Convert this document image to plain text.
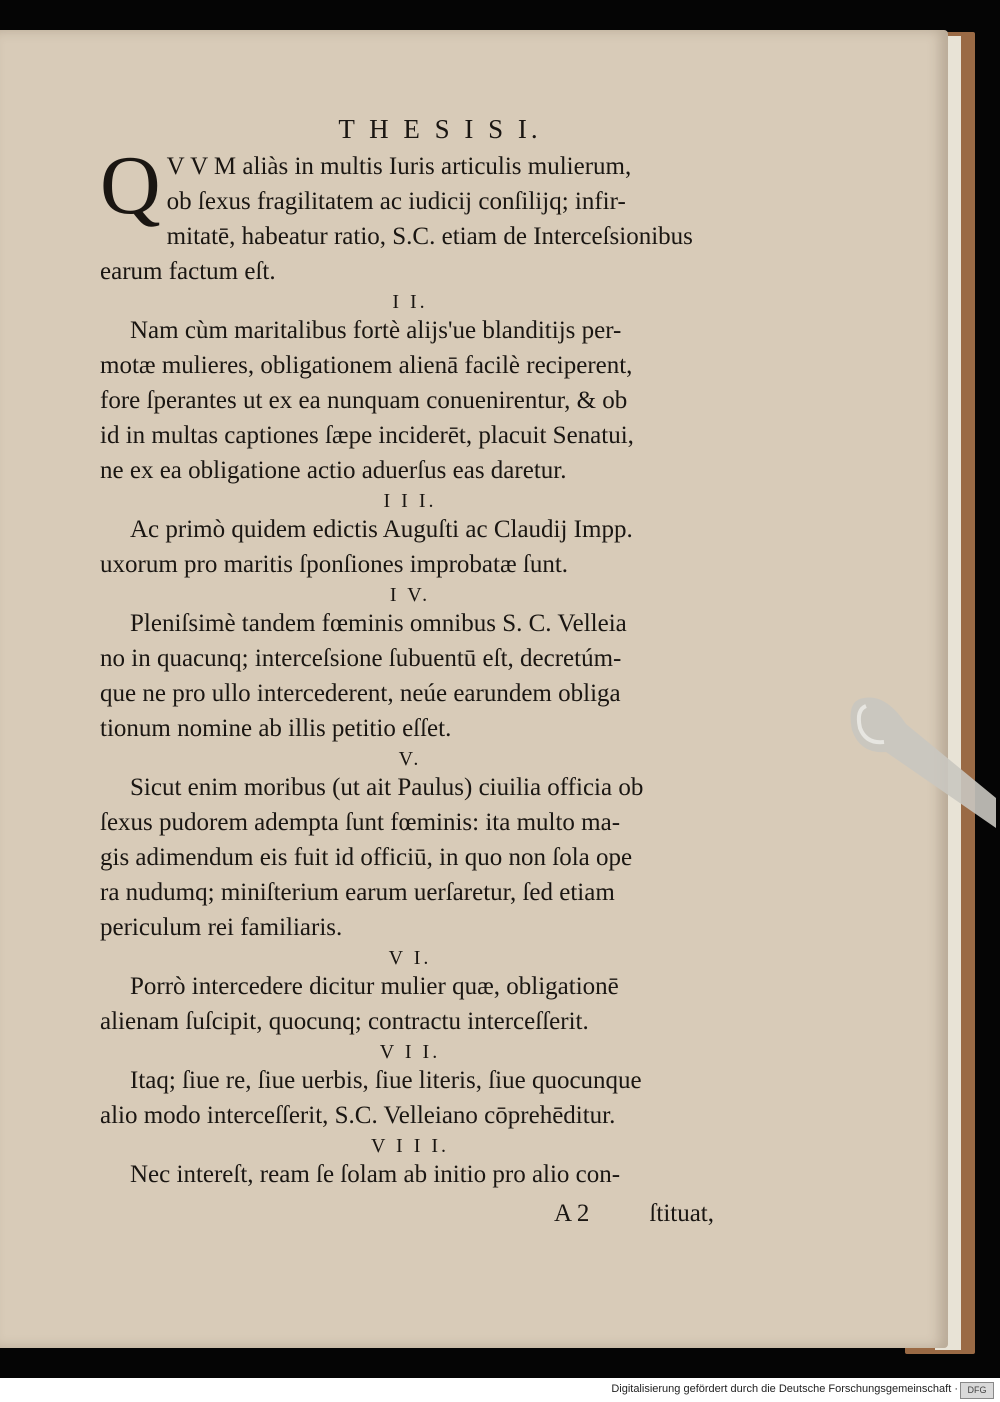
T H E S I S I.
Q V V M aliàs in multis Iuris articulis mulierum,

ob ſexus fragilitatem ac iudicij conſilijq; infir-

mitatē, habeatur ratio, S.C. etiam de Interceſsionibus

earum factum eſt.

I I.

Nam cùm maritalibus fortè alijs'ue blanditijs per-

motæ mulieres, obligationem alienā facilè reciperent,

fore ſperantes ut ex ea nunquam conuenirentur, & ob

id in multas captiones ſæpe inciderēt, placuit Senatui,

ne ex ea obligatione actio aduerſus eas daretur.

I I I.

Ac primò quidem edictis Auguſti ac Claudij Impp.

uxorum pro maritis ſponſiones improbatæ ſunt.

I V.

Pleniſsimè tandem fœminis omnibus S. C. Velleia

no in quacunq; interceſsione ſubuentū eſt, decretúm-

que ne pro ullo intercederent, neúe earundem obliga

tionum nomine ab illis petitio eſſet.

V.

Sicut enim moribus (ut ait Paulus) ciuilia officia ob

ſexus pudorem adempta ſunt fœminis: ita multo ma-

gis adimendum eis fuit id officiū, in quo non ſola ope

ra nudumq; miniſterium earum uerſaretur, ſed etiam

periculum rei familiaris.

V I.

Porrò intercedere dicitur mulier quæ, obligationē

alienam ſuſcipit, quocunq; contractu interceſſerit.

V I I.

Itaq; ſiue re, ſiue uerbis, ſiue literis, ſiue quocunque

alio modo interceſſerit, S.C. Velleiano cōprehēditur.

V I I I.

Nec intereſt, ream ſe ſolam ab initio pro alio con-

A 2 ſtituat,
Digitalisierung gefördert durch die Deutsche Forschungsgemeinschaft ·	DFG
